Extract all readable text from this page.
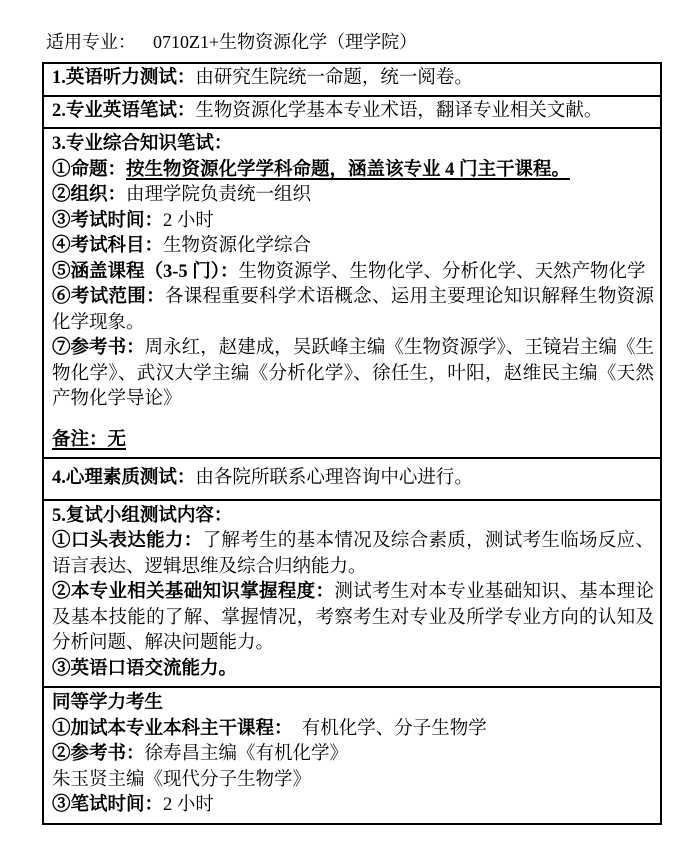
适用专业： 0710Z1+生物资源化学（理学院）
1.英语听力测试：由研究生院统一命题，统一阅卷。
2.专业英语笔试：生物资源化学基本专业术语，翻译专业相关文献。
3.专业综合知识笔试：
①命题：按生物资源化学学科命题，涵盖该专业 4 门主干课程。
②组织：由理学院负责统一组织
③考试时间：2 小时
④考试科目：生物资源化学综合
⑤涵盖课程（3-5 门）：生物资源学、生物化学、分析化学、天然产物化学
⑥考试范围：各课程重要科学术语概念、运用主要理论知识解释生物资源化学现象。
⑦参考书：周永红，赵建成，吴跃峰主编《生物资源学》、王镜岩主编《生物化学》、武汉大学主编《分析化学》、徐任生，叶阳，赵维民主编《天然产物化学导论》
备注：无
4.心理素质测试：由各院所联系心理咨询中心进行。
5.复试小组测试内容：
①口头表达能力：了解考生的基本情况及综合素质，测试考生临场反应、语言表达、逻辑思维及综合归纳能力。
②本专业相关基础知识掌握程度：测试考生对本专业基础知识、基本理论及基本技能的了解、掌握情况，考察考生对专业及所学专业方向的认知及分析问题、解决问题能力。
③英语口语交流能力。
同等学力考生
①加试本专业本科主干课程：　有机化学、分子生物学
②参考书：徐寿昌主编《有机化学》
朱玉贤主编《现代分子生物学》
③笔试时间：2 小时
